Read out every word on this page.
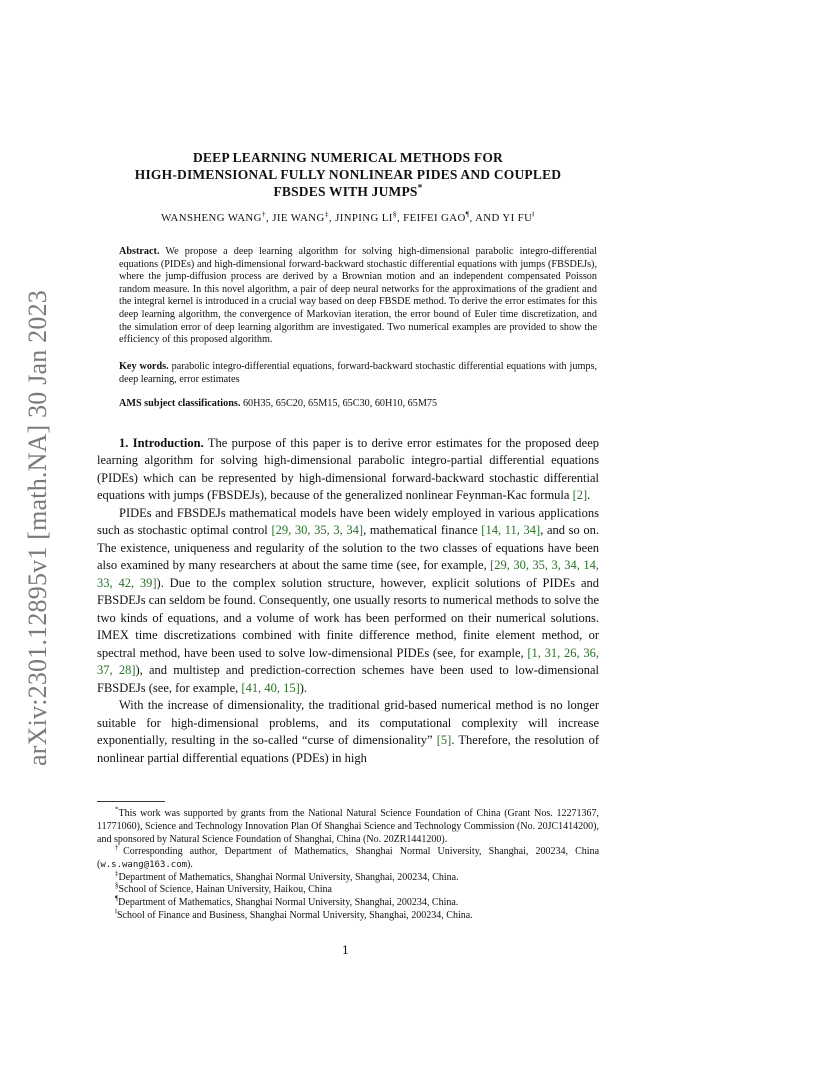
arXiv:2301.12895v1 [math.NA] 30 Jan 2023
DEEP LEARNING NUMERICAL METHODS FOR
HIGH-DIMENSIONAL FULLY NONLINEAR PIDES AND COUPLED
FBSDES WITH JUMPS*
WANSHENG WANG†, JIE WANG‡, JINPING LI§, FEIFEI GAO¶, AND YI FU‖
Abstract. We propose a deep learning algorithm for solving high-dimensional parabolic integro-differential equations (PIDEs) and high-dimensional forward-backward stochastic differential equations with jumps (FBSDEJs), where the jump-diffusion process are derived by a Brownian motion and an independent compensated Poisson random measure. In this novel algorithm, a pair of deep neural networks for the approximations of the gradient and the integral kernel is introduced in a crucial way based on deep FBSDE method. To derive the error estimates for this deep learning algorithm, the convergence of Markovian iteration, the error bound of Euler time discretization, and the simulation error of deep learning algorithm are investigated. Two numerical examples are provided to show the efficiency of this proposed algorithm.
Key words. parabolic integro-differential equations, forward-backward stochastic differential equations with jumps, deep learning, error estimates
AMS subject classifications. 60H35, 65C20, 65M15, 65C30, 60H10, 65M75

1. Introduction. The purpose of this paper is to derive error estimates for the proposed deep learning algorithm for solving high-dimensional parabolic integro-partial differential equations (PIDEs) which can be represented by high-dimensional forward-backward stochastic differential equations with jumps (FBSDEJs), because of the generalized nonlinear Feynman-Kac formula [2].

PIDEs and FBSDEJs mathematical models have been widely employed in various applications such as stochastic optimal control [29, 30, 35, 3, 34], mathematical finance [14, 11, 34], and so on. The existence, uniqueness and regularity of the solution to the two classes of equations have been also examined by many researchers at about the same time (see, for example, [29, 30, 35, 3, 34, 14, 33, 42, 39]). Due to the complex solution structure, however, explicit solutions of PIDEs and FBSDEJs can seldom be found. Consequently, one usually resorts to numerical methods to solve the two kinds of equations, and a volume of work has been performed on their numerical solutions. IMEX time discretizations combined with finite difference method, finite element method, or spectral method, have been used to solve low-dimensional PIDEs (see, for example, [1, 31, 26, 36, 37, 28]), and multistep and prediction-correction schemes have been used to low-dimensional FBSDEJs (see, for example, [41, 40, 15]).

With the increase of dimensionality, the traditional grid-based numerical method is no longer suitable for high-dimensional problems, and its computational complexity will increase exponentially, resulting in the so-called “curse of dimensionality” [5]. Therefore, the resolution of nonlinear partial differential equations (PDEs) in high

*This work was supported by grants from the National Natural Science Foundation of China (Grant Nos. 12271367, 11771060), Science and Technology Innovation Plan Of Shanghai Science and Technology Commission (No. 20JC1414200), and sponsored by Natural Science Foundation of Shanghai, China (No. 20ZR1441200).

†Corresponding author, Department of Mathematics, Shanghai Normal University, Shanghai, 200234, China (w.s.wang@163.com).

‡Department of Mathematics, Shanghai Normal University, Shanghai, 200234, China.

§School of Science, Hainan University, Haikou, China

¶Department of Mathematics, Shanghai Normal University, Shanghai, 200234, China.

‖School of Finance and Business, Shanghai Normal University, Shanghai, 200234, China.

1
